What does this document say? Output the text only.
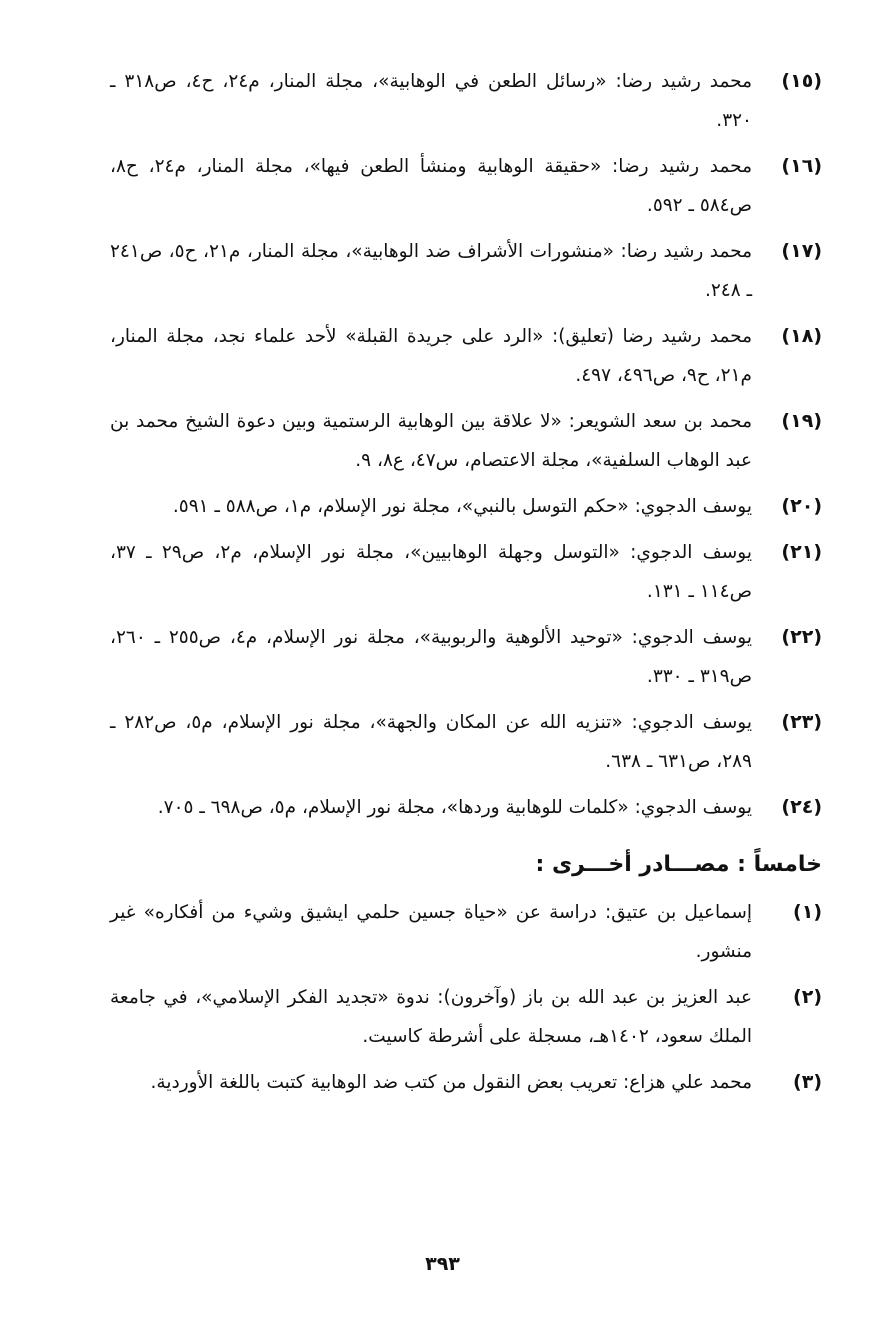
(١٥)
محمد رشيد رضا: «رسائل الطعن في الوهابية»، مجلة المنار، م٢٤، ح٤، ص٣١٨ ـ ٣٢٠.
(١٦)
محمد رشيد رضا: «حقيقة الوهابية ومنشأ الطعن فيها»، مجلة المنار، م٢٤، ح٨، ص٥٨٤ ـ ٥٩٢.
(١٧)
محمد رشيد رضا: «منشورات الأشراف ضد الوهابية»، مجلة المنار، م٢١، ح٥، ص٢٤١ ـ ٢٤٨.
(١٨)
محمد رشيد رضا (تعليق): «الرد على جريدة القبلة» لأحد علماء نجد، مجلة المنار، م٢١، ح٩، ص٤٩٦، ٤٩٧.
(١٩)
محمد بن سعد الشويعر: «لا علاقة بين الوهابية الرستمية وبين دعوة الشيخ محمد بن عبد الوهاب السلفية»، مجلة الاعتصام، س٤٧، ع٨، ٩.
(٢٠)
يوسف الدجوي: «حكم التوسل بالنبي»، مجلة نور الإسلام، م١، ص٥٨٨ ـ ٥٩١.
(٢١)
يوسف الدجوي: «التوسل وجهلة الوهابيين»، مجلة نور الإسلام، م٢، ص٢٩ ـ ٣٧، ص١١٤ ـ ١٣١.
(٢٢)
يوسف الدجوي: «توحيد الألوهية والربوبية»، مجلة نور الإسلام، م٤، ص٢٥٥ ـ ٢٦٠، ص٣١٩ ـ ٣٣٠.
(٢٣)
يوسف الدجوي: «تنزيه الله عن المكان والجهة»، مجلة نور الإسلام، م٥، ص٢٨٢ ـ ٢٨٩، ص٦٣١ ـ ٦٣٨.
(٢٤)
يوسف الدجوي: «كلمات للوهابية وردها»، مجلة نور الإسلام، م٥، ص٦٩٨ ـ ٧٠٥.
خامساً : مصـــادر أخـــرى :
(١)
إسماعيل بن عتيق: دراسة عن «حياة جسين حلمي ايشيق وشيء من أفكاره» غير منشور.
(٢)
عبد العزيز بن عبد الله بن باز (وآخرون): ندوة «تجديد الفكر الإسلامي»، في جامعة الملك سعود، ١٤٠٢هـ، مسجلة على أشرطة كاسيت.
(٣)
محمد علي هزاع: تعريب بعض النقول من كتب ضد الوهابية كتبت باللغة الأوردية.
٣٩٣
